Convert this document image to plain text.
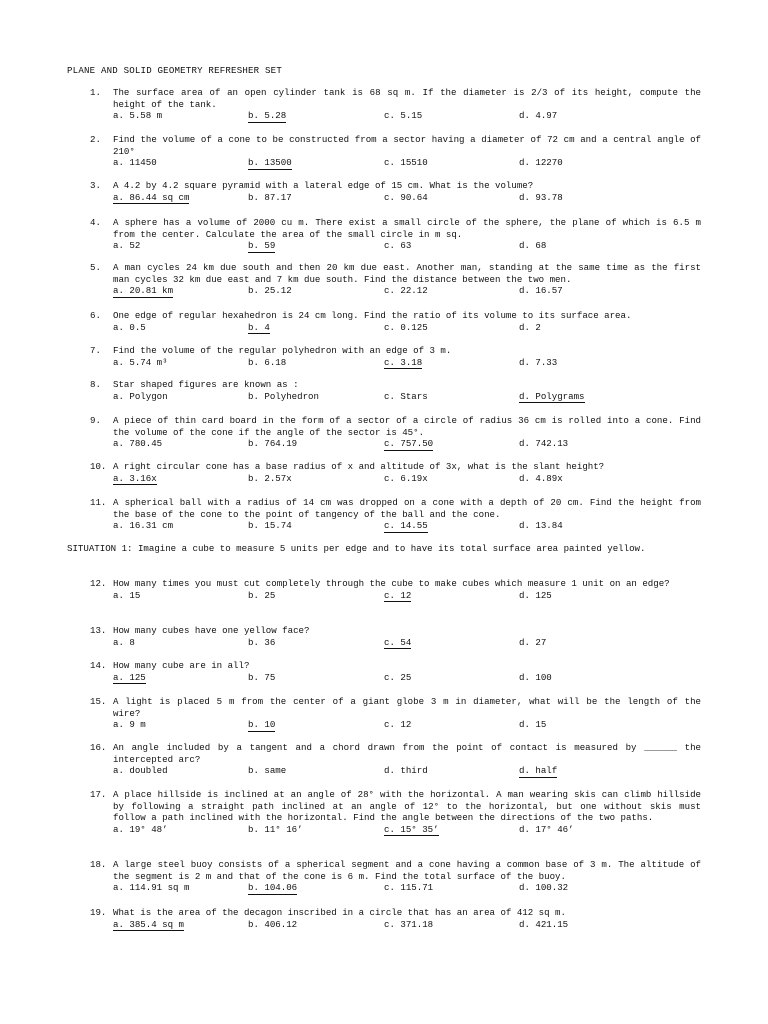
PLANE AND SOLID GEOMETRY REFRESHER SET
SITUATION 1: Imagine a cube to measure 5 units per edge and to have its total surface area painted yellow.
1.	The surface area of an open cylinder tank is 68 sq m. If the diameter is 2/3 of its height, compute the height of the tank.
a. 5.58 m	b. 5.28	c. 5.15	d. 4.97
2.	Find the volume of a cone to be constructed from a sector having a diameter of 72 cm and a central angle of 210°
a. 11450	b. 13500	c. 15510	d. 12270
3.	A 4.2 by 4.2 square pyramid with a lateral edge of 15 cm. What is the volume?
a. 86.44 sq cm	b. 87.17	c. 90.64	d. 93.78
4.	A sphere has a volume of 2000 cu m. There exist a small circle of the sphere, the plane of which is 6.5 m from the center. Calculate the area of the small circle in m sq.
a. 52	b. 59	c. 63	d. 68
5.	A man cycles 24 km due south and then 20 km due east. Another man, standing at the same time as the first man cycles 32 km due east and 7 km due south. Find the distance between the two men.
a. 20.81 km	b. 25.12	c. 22.12	d. 16.57
6.	One edge of regular hexahedron is 24 cm long. Find the ratio of its volume to its surface area.
a. 0.5	b. 4	c. 0.125	d. 2
7.	Find the volume of the regular polyhedron with an edge of 3 m.
a. 5.74 m³	b. 6.18	c. 3.18	d. 7.33
8.	Star shaped figures are known as :
a. Polygon	b. Polyhedron	c. Stars	d. Polygrams
9.	A piece of thin card board in the form of a sector of a circle of radius 36 cm is rolled into a cone. Find the volume of the cone if the angle of the sector is 45°.
a. 780.45	b. 764.19	c. 757.50	d. 742.13
10. A right circular cone has a base radius of x and altitude of 3x, what is the slant height?
a. 3.16x	b. 2.57x	c. 6.19x	d. 4.89x
11. A spherical ball with a radius of 14 cm was dropped on a cone with a depth of 20 cm. Find the height from the base of the cone to the point of tangency of the ball and the cone.
a. 16.31 cm	b. 15.74	c. 14.55	d. 13.84
12. How many times you must cut completely through the cube to make cubes which measure 1 unit on an edge?
a. 15	b. 25	c. 12	d. 125
13. How many cubes have one yellow face?
a. 8	b. 36	c. 54	d. 27
14. How many cube are in all?
a. 125	b. 75	c. 25	d. 100
15. A light is placed 5 m from the center of a giant globe 3 m in diameter, what will be the length of the wire?
a. 9 m	b. 10	c. 12	d. 15
16. An angle included by a tangent and a chord drawn from the point of contact is measured by ______ the intercepted arc?
a. doubled	b. same	d. third	d. half
17. A place hillside is inclined at an angle of 28° with the horizontal. A man wearing skis can climb hillside by following a straight path inclined at an angle of 12° to the horizontal, but one without skis must follow a path inclined with the horizontal. Find the angle between the directions of the two paths.
a. 19° 48’	b. 11° 16’	c. 15° 35’	d. 17° 46’
18. A large steel buoy consists of a spherical segment and a cone having a common base of 3 m. The altitude of the segment is 2 m and that of the cone is 6 m. Find the total surface of the buoy.
a. 114.91 sq m	b. 104.06	c. 115.71	d. 100.32
19. What is the area of the decagon inscribed in a circle that has an area of 412 sq m.
a. 385.4 sq m	b. 406.12	c. 371.18	d. 421.15
